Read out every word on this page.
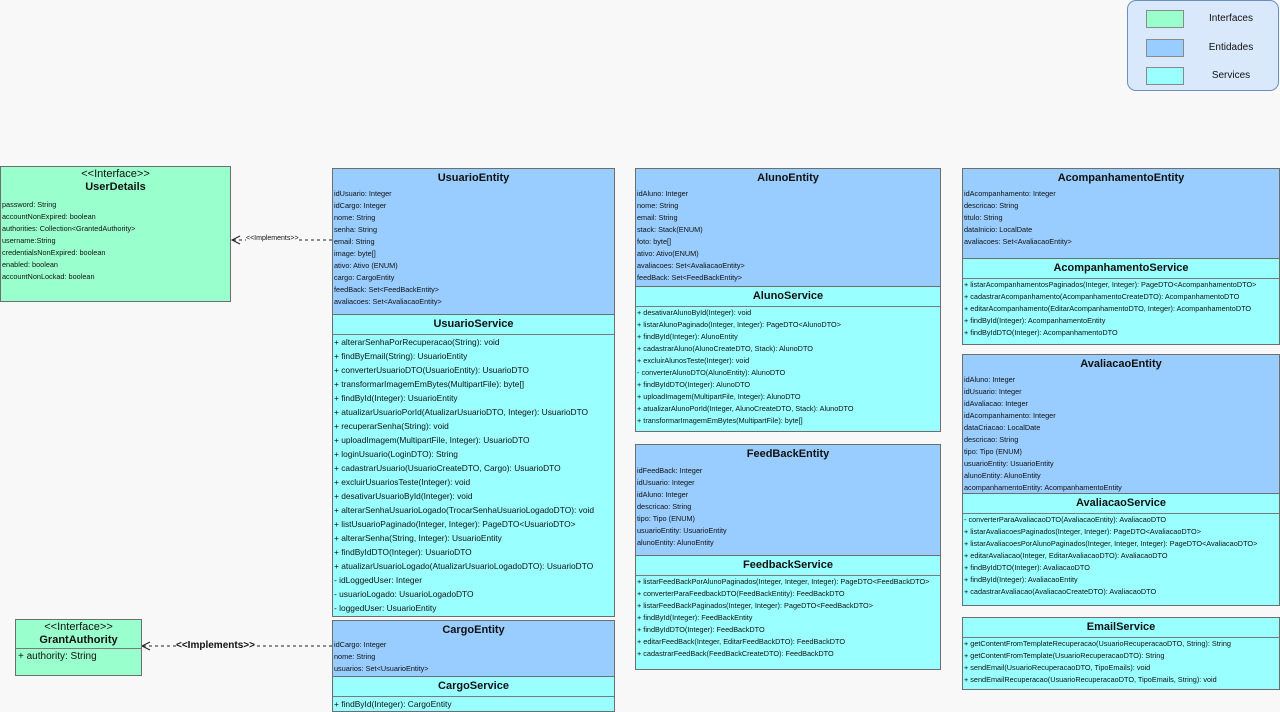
<<Implements>>
<<Implements>>
Interfaces
Entidades
Services
<<Interface>>
UserDetails
password: String
accountNonExpired: boolean
authorities: Collection<GrantedAuthority>
username:String
credentialsNonExpired: boolean
enabled: boolean
accountNonLockad: boolean
<<Interface>>
GrantAuthority
+ authority: String
UsuarioEntity
idUsuario: Integer
idCargo: Integer
nome: String
senha: String
email: String
image: byte[]
ativo: Ativo (ENUM)
cargo: CargoEntity
feedBack: Set<FeedBackEntity>
avaliacoes: Set<AvaliacaoEntity>
UsuarioService
+ alterarSenhaPorRecuperacao(String): void
+ findByEmail(String): UsuarioEntity
+ converterUsuarioDTO(UsuarioEntity): UsuarioDTO
+ transformarImagemEmBytes(MultipartFile): byte[]
+ findById(Integer): UsuarioEntity
+ atualizarUsuarioPorId(AtualizarUsuarioDTO, Integer): UsuarioDTO
+ recuperarSenha(String): void
+ uploadImagem(MultipartFile, Integer): UsuarioDTO
+ loginUsuario(LoginDTO): String
+ cadastrarUsuario(UsuarioCreateDTO, Cargo): UsuarioDTO
+ excluirUsuariosTeste(Integer): void
+ desativarUsuarioById(Integer): void
+ alterarSenhaUsuarioLogado(TrocarSenhaUsuarioLogadoDTO): void
+ listUsuarioPaginado(Integer, Integer): PageDTO<UsuarioDTO>
+ alterarSenha(String, Integer): UsuarioEntity
+ findByIdDTO(Integer): UsuarioDTO
+ atualizarUsuarioLogado(AtualizarUsuarioLogadoDTO): UsuarioDTO
- idLoggedUser: Integer
- usuarioLogado: UsuarioLogadoDTO
- loggedUser: UsuarioEntity
CargoEntity
idCargo: Integer
nome: String
usuarios: Set<UsuarioEntity>
CargoService
+ findById(Integer): CargoEntity
AlunoEntity
idAluno: Integer
nome: String
email: String
stack: Stack(ENUM)
foto: byte[]
ativo: Ativo(ENUM)
avaliacoes: Set<AvaliacaoEntity>
feedBack: Set<FeedBackEntity>
AlunoService
+ desativarAlunoById(Integer): void
+ listarAlunoPaginado(Integer, Integer): PageDTO<AlunoDTO>
+ findById(Integer): AlunoEntity
+ cadastrarAluno(AlunoCreateDTO, Stack): AlunoDTO
+ excluirAlunosTeste(Integer): void
- converterAlunoDTO(AlunoEntity): AlunoDTO
+ findByIdDTO(Integer): AlunoDTO
+ uploadImagem(MultipartFile, Integer): AlunoDTO
+ atualizarAlunoPorId(Integer, AlunoCreateDTO, Stack): AlunoDTO
+ transformarImagemEmBytes(MultipartFile): byte[]
FeedBackEntity
idFeedBack: Integer
idUsuario: Integer
idAluno: Integer
descricao: String
tipo: Tipo (ENUM)
usuarioEntity: UsuarioEntity
alunoEntity: AlunoEntity
FeedbackService
+ listarFeedBackPorAlunoPaginados(Integer, Integer, Integer): PageDTO<FeedBackDTO>
+ converterParaFeedbackDTO(FeedBackEntity): FeedBackDTO
+ listarFeedBackPaginados(Integer, Integer): PageDTO<FeedBackDTO>
+ findById(Integer): FeedBackEntity
+ findByIdDTO(Integer): FeedBackDTO
+ editarFeedBack(Integer, EditarFeedBackDTO): FeedBackDTO
+ cadastrarFeedBack(FeedBackCreateDTO): FeedBackDTO
AcompanhamentoEntity
idAcompanhamento: Integer
descricao: String
titulo: String
dataInicio: LocalDate
avaliacoes: Set<AvaliacaoEntity>
AcompanhamentoService
+ listarAcompanhamentosPaginados(Integer, Integer): PageDTO<AcompanhamentoDTO>
+ cadastrarAcompanhamento(AcompanhamentoCreateDTO): AcompanhamentoDTO
+ editarAcompanhamento(EditarAcompanhamentoDTO, Integer): AcompanhamentoDTO
+ findById(Integer): AcompanhamentoEntity
+ findByIdDTO(Integer): AcompanhamentoDTO
AvaliacaoEntity
idAluno: Integer
idUsuario: Integer
idAvaliacao: Integer
idAcompanhamento: Integer
dataCriacao: LocalDate
descricao: String
tipo: Tipo (ENUM)
usuarioEntity: UsuarioEntity
alunoEntity: AlunoEntity
acompanhamentoEntity: AcompanhamentoEntity
AvaliacaoService
- converterParaAvaliacaoDTO(AvaliacaoEntity): AvaliacaoDTO
+ listarAvaliacoesPaginados(Integer, Integer): PageDTO<AvaliacaoDTO>
+ listarAvaliacoesPorAlunoPaginados(Integer, Integer, Integer): PageDTO<AvaliacaoDTO>
+ editarAvaliacao(Integer, EditarAvaliacaoDTO): AvaliacaoDTO
+ findByIdDTO(Integer): AvaliacaoDTO
+ findById(Integer): AvaliacaoEntity
+ cadastrarAvaliacao(AvaliacaoCreateDTO): AvaliacaoDTO
EmailService
+ getContentFromTemplateRecuperacao(UsuarioRecuperacaoDTO, String): String
+ getContentFromTemplate(UsuarioRecuperacaoDTO): String
+ sendEmail(UsuarioRecuperacaoDTO, TipoEmails): void
+ sendEmailRecuperacao(UsuarioRecuperacaoDTO, TipoEmails, String): void
